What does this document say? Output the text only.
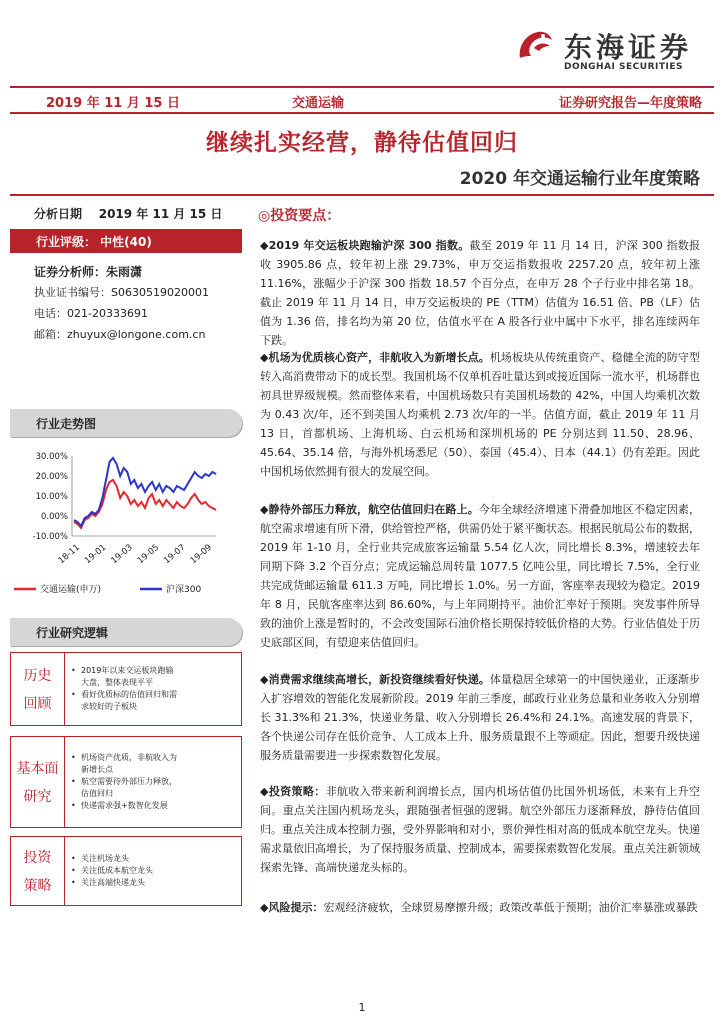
东海证券
DONGHAI SECURITIES
2019 年 11 月 15 日	交通运输	证券研究报告—年度策略
继续扎实经营，静待估值回归
2020 年交通运输行业年度策略
分析日期 2019 年 11 月 15 日
行业评级： 中性(40)
证券分析师：朱雨潇
执业证书编号：S0630519020001
电话：021-20333691
邮箱：zhuyux@longone.com.cn
行业走势图
30.00%
20.00%
10.00%
0.00%
-10.00%
18-11 19-01 19-03 19-05 19-07 19-09
交通运输(申万)	沪深300
行业研究逻辑
历史
回顾
• 2019年以来交运板块跑输大盘，整体表现平平
• 看好优质标的估值回归和需求较好的子板块
基本面
研究
• 机场资产优质，非航收入为新增长点
• 航空需要待外部压力释放，估值回归
• 快递需求强+数智化发展
投资
策略
• 关注机场龙头
• 关注低成本航空龙头
• 关注高端快递龙头
◎投资要点：
◆2019 年交运板块跑输沪深 300 指数。截至 2019 年 11 月 14 日，沪深 300 指数报收 3905.86 点，较年初上涨 29.73%，申万交运指数报收 2257.20 点，较年初上涨 11.16%，涨幅少于沪深 300 指数 18.57 个百分点，在申万 28 个子行业中排名第 18。截止 2019 年 11 月 14 日，申万交运板块的 PE（TTM）估值为 16.51 倍、PB（LF）估值为 1.36 倍，排名均为第 20 位，估值水平在 A 股各行业中属中下水平，排名连续两年下跌。
◆机场为优质核心资产，非航收入为新增长点。机场板块从传统重资产、稳健全流的防守型转入高消费带动下的成长型。我国机场不仅单机吞吐量达到或接近国际一流水平，机场群也初具世界级规模。然而整体来看，中国机场数只有美国机场数的 42%，中国人均乘机次数为 0.43 次/年，还不到美国人均乘机 2.73 次/年的一半。估值方面，截止 2019 年 11 月 13 日，首都机场、上海机场、白云机场和深圳机场的 PE 分别达到 11.50、28.96、45.64、35.14 倍，与海外机场悉尼（50）、泰国（45.4）、日本（44.1）仍有差距。因此中国机场依然拥有很大的发展空间。
◆静待外部压力释放，航空估值回归在路上。今年全球经济增速下滑叠加地区不稳定因素，航空需求增速有所下滑，供给管控严格，供需仍处于紧平衡状态。根据民航局公布的数据，2019 年 1-10 月，全行业共完成旅客运输量 5.54 亿人次，同比增长 8.3%，增速较去年同期下降 3.2 个百分点；完成运输总周转量 1077.5 亿吨公里，同比增长 7.5%，全行业共完成货邮运输量 611.3 万吨，同比增长 1.0%。另一方面，客座率表现较为稳定。2019 年 8 月，民航客座率达到 86.60%，与上年同期持平。油价汇率好于预期。突发事件所导致的油价上涨是暂时的，不会改变国际石油价格长期保持较低价格的大势。行业估值处于历史底部区间，有望迎来估值回归。
◆消费需求继续高增长，新投资继续看好快递。体量稳居全球第一的中国快递业，正逐渐步入扩容增效的智能化发展新阶段。2019 年前三季度，邮政行业业务总量和业务收入分别增长 31.3%和 21.3%，快递业务量、收入分别增长 26.4%和 24.1%。高速发展的背景下，各个快递公司存在低价竞争、人工成本上升、服务质量跟不上等顽症。因此，想要升级快递服务质量需要进一步探索数智化发展。
◆投资策略：非航收入带来新利润增长点，国内机场估值仍比国外机场低，未来有上升空间。重点关注国内机场龙头，跟随强者恒强的逻辑。航空外部压力逐渐释放，静待估值回归。重点关注成本控制力强，受外界影响和对小，票价弹性相对高的低成本航空龙头。快递需求量依旧高增长，为了保持服务质量、控制成本，需要探索数智化发展。重点关注新领域探索先锋、高端快递龙头标的。
◆风险提示：宏观经济疲软，全球贸易摩擦升级；政策改革低于预期；油价汇率暴涨或暴跌
1
